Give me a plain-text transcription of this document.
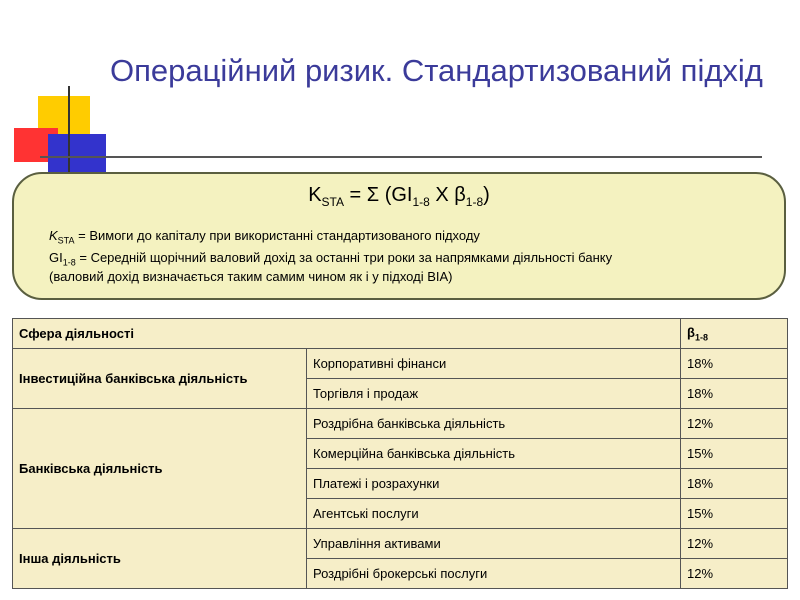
Операційний ризик. Стандартизований підхід
$K_{STA} = \Sigma$ ($GI_{1-8}$ X $\beta_{1-8}$)
$K_{STA}$ = Вимоги до капіталу при використанні стандартизованого підходу
$GI_{1-8}$ = Середній щорічний валовий дохід за останні три роки за напрямками діяльності банку
(валовий дохід визначається таким самим чином як і у підході BIA)
Сфера діяльності		$\beta_{1-8}$
Інвестиційна банківська діяльність	Корпоративні фінанси	18%
	Торгівля і продаж	18%
Банківська діяльність	Роздрібна банківська діяльність	12%
	Комерційна банківська діяльність	15%
	Платежі і розрахунки	18%
	Агентські послуги	15%
Інша діяльність	Управління активами	12%
	Роздрібні брокерські послуги	12%
